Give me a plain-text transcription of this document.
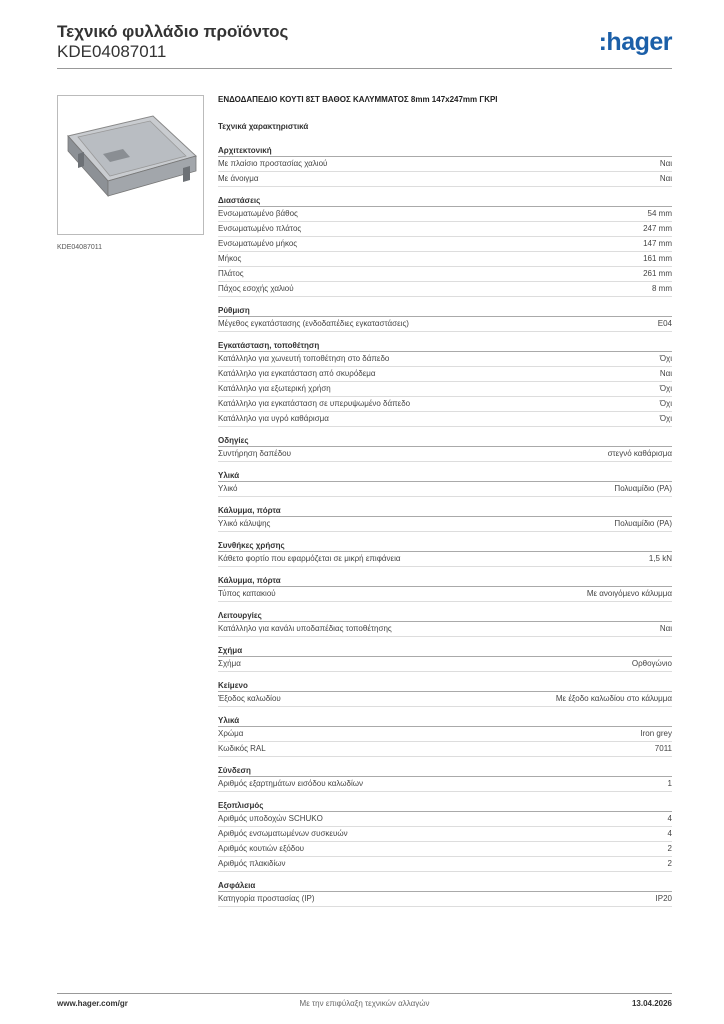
Τεχνικό φυλλάδιο προϊόντος
KDE04087011	:hager
KDE04087011
ΕΝΔΟΔΑΠΕΔΙΟ ΚΟΥΤΙ 8ΣΤ ΒΑΘΟΣ ΚΑΛΥΜΜΑΤΟΣ 8mm 147x247mm ΓΚΡΙ
Τεχνικά χαρακτηριστικά
Αρχιτεκτονική
Με πλαίσιο προστασίας χαλιού	Ναι
Με άνοιγμα	Ναι
Διαστάσεις
Ενσωματωμένο βάθος	54 mm
Ενσωματωμένο πλάτος	247 mm
Ενσωματωμένο μήκος	147 mm
Μήκος	161 mm
Πλάτος	261 mm
Πάχος εσοχής χαλιού	8 mm
Ρύθμιση
Μέγεθος εγκατάστασης (ενδοδαπέδιες εγκαταστάσεις)	E04
Εγκατάσταση, τοποθέτηση
Κατάλληλο για χωνευτή τοποθέτηση στο δάπεδο	Όχι
Κατάλληλο για εγκατάσταση από σκυρόδεμα	Ναι
Κατάλληλο για εξωτερική χρήση	Όχι
Κατάλληλο για εγκατάσταση σε υπερυψωμένο δάπεδο	Όχι
Κατάλληλο για υγρό καθάρισμα	Όχι
Οδηγίες
Συντήρηση δαπέδου	στεγνό καθάρισμα
Υλικά
Υλικό	Πολυαμίδιο (PA)
Κάλυμμα, πόρτα
Υλικό κάλυψης	Πολυαμίδιο (PA)
Συνθήκες χρήσης
Κάθετο φορτίο που εφαρμόζεται σε μικρή επιφάνεια	1,5 kN
Κάλυμμα, πόρτα
Τύπος καπακιού	Με ανοιγόμενο κάλυμμα
Λειτουργίες
Κατάλληλο για κανάλι υποδαπέδιας τοποθέτησης	Ναι
Σχήμα
Σχήμα	Ορθογώνιο
Κείμενο
Έξοδος καλωδίου	Με έξοδο καλωδίου στο κάλυμμα
Υλικά
Χρώμα	Iron grey
Κωδικός RAL	7011
Σύνδεση
Αριθμός εξαρτημάτων εισόδου καλωδίων	1
Εξοπλισμός
Αριθμός υποδοχών SCHUKO	4
Αριθμός ενσωματωμένων συσκευών	4
Αριθμός κουτιών εξόδου	2
Αριθμός πλακιδίων	2
Ασφάλεια
Κατηγορία προστασίας (IP)	IP20
www.hager.com/gr	Με την επιφύλαξη τεχνικών αλλαγών	13.04.2026
